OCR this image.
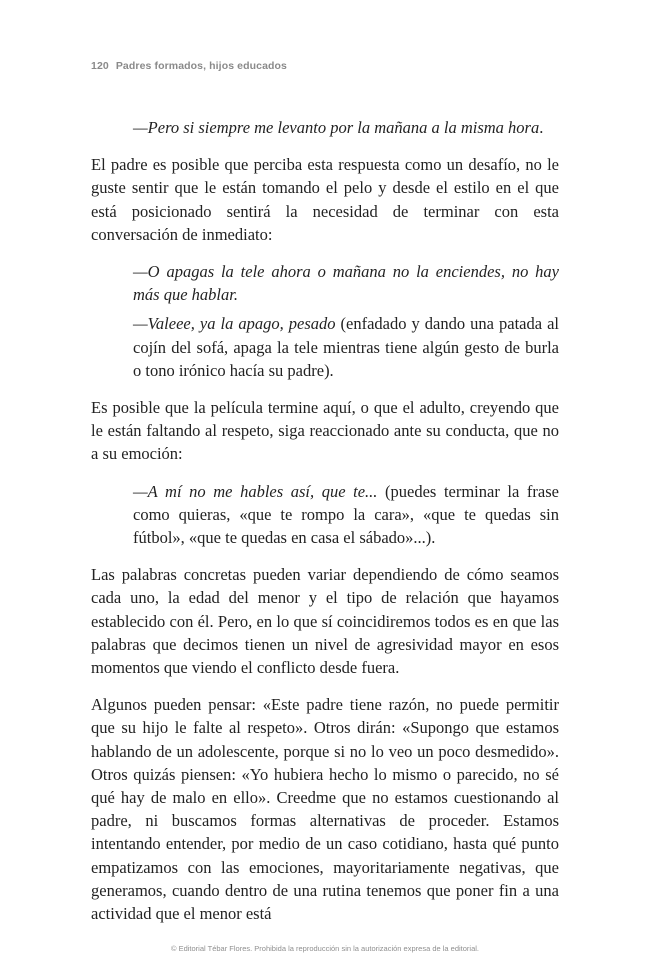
120 Padres formados, hijos educados

—Pero si siempre me levanto por la mañana a la misma hora.

El padre es posible que perciba esta respuesta como un desafío, no le guste sentir que le están tomando el pelo y desde el estilo en el que está posicionado sentirá la necesidad de terminar con esta conversación de inmediato:

—O apagas la tele ahora o mañana no la enciendes, no hay más que hablar.

—Valeee, ya la apago, pesado (enfadado y dando una patada al cojín del sofá, apaga la tele mientras tiene algún gesto de burla o tono irónico hacía su padre).

Es posible que la película termine aquí, o que el adulto, creyendo que le están faltando al respeto, siga reaccionado ante su conducta, que no a su emoción:

—A mí no me hables así, que te... (puedes terminar la frase como quieras, «que te rompo la cara», «que te quedas sin fútbol», «que te quedas en casa el sábado»...).

Las palabras concretas pueden variar dependiendo de cómo seamos cada uno, la edad del menor y el tipo de relación que hayamos establecido con él. Pero, en lo que sí coincidiremos todos es en que las palabras que decimos tienen un nivel de agresividad mayor en esos momentos que viendo el conflicto desde fuera.

Algunos pueden pensar: «Este padre tiene razón, no puede permitir que su hijo le falte al respeto». Otros dirán: «Supongo que estamos hablando de un adolescente, porque si no lo veo un poco desmedido». Otros quizás piensen: «Yo hubiera hecho lo mismo o parecido, no sé qué hay de malo en ello». Creedme que no estamos cuestionando al padre, ni buscamos formas alternativas de proceder. Estamos intentando entender, por medio de un caso cotidiano, hasta qué punto empatizamos con las emociones, mayoritariamente negativas, que generamos, cuando dentro de una rutina tenemos que poner fin a una actividad que el menor está

© Editorial Tébar Flores. Prohibida la reproducción sin la autorización expresa de la editorial.
